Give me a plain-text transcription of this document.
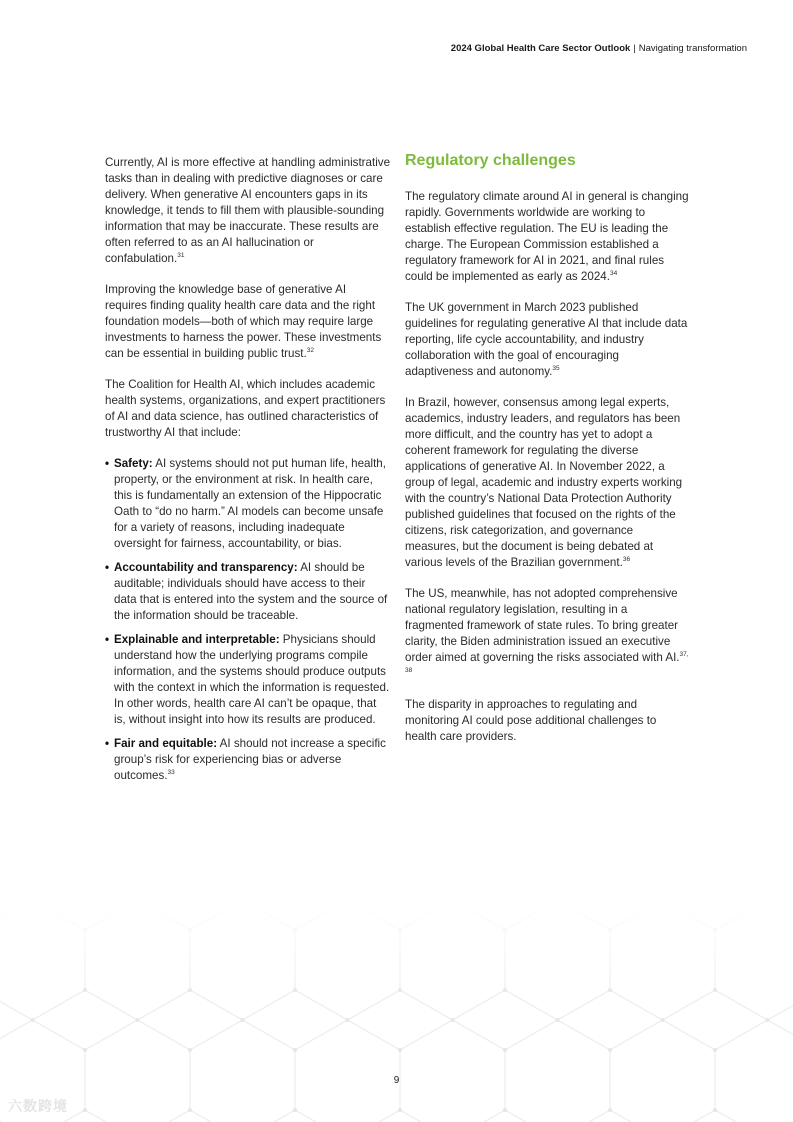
2024 Global Health Care Sector Outlook | Navigating transformation

Currently, AI is more effective at handling administrative tasks than in dealing with predictive diagnoses or care delivery. When generative AI encounters gaps in its knowledge, it tends to fill them with plausible-sounding information that may be inaccurate. These results are often referred to as an AI hallucination or confabulation.$^{31}$

Improving the knowledge base of generative AI requires finding quality health care data and the right foundation models—both of which may require large investments to harness the power. These investments can be essential in building public trust.$^{32}$

The Coalition for Health AI, which includes academic health systems, organizations, and expert practitioners of AI and data science, has outlined characteristics of trustworthy AI that include:

• Safety: AI systems should not put human life, health, property, or the environment at risk. In health care, this is fundamentally an extension of the Hippocratic Oath to “do no harm.” AI models can become unsafe for a variety of reasons, including inadequate oversight for fairness, accountability, or bias.
• Accountability and transparency: AI should be auditable; individuals should have access to their data that is entered into the system and the source of the information should be traceable.
• Explainable and interpretable: Physicians should understand how the underlying programs compile information, and the systems should produce outputs with the context in which the information is requested. In other words, health care AI can’t be opaque, that is, without insight into how its results are produced.
• Fair and equitable: AI should not increase a specific group’s risk for experiencing bias or adverse outcomes.$^{33}$
Regulatory challenges

The regulatory climate around AI in general is changing rapidly. Governments worldwide are working to establish effective regulation. The EU is leading the charge. The European Commission established a regulatory framework for AI in 2021, and final rules could be implemented as early as 2024.34

The UK government in March 2023 published guidelines for regulating generative AI that include data reporting, life cycle accountability, and industry collaboration with the goal of encouraging adaptiveness and autonomy.$^{35}$

In Brazil, however, consensus among legal experts, academics, industry leaders, and regulators has been more difficult, and the country has yet to adopt a coherent framework for regulating the diverse applications of generative AI. In November 2022, a group of legal, academic and industry experts working with the country’s National Data Protection Authority published guidelines that focused on the rights of the citizens, risk categorization, and governance measures, but the document is being debated at various levels of the Brazilian government.$^{36}$

The US, meanwhile, has not adopted comprehensive national regulatory legislation, resulting in a fragmented framework of state rules. To bring greater clarity, the Biden administration issued an executive order aimed at governing the risks associated with AI.$^{37, 38}$

The disparity in approaches to regulating and monitoring AI could pose additional challenges to health care providers.

9
六数跨境
